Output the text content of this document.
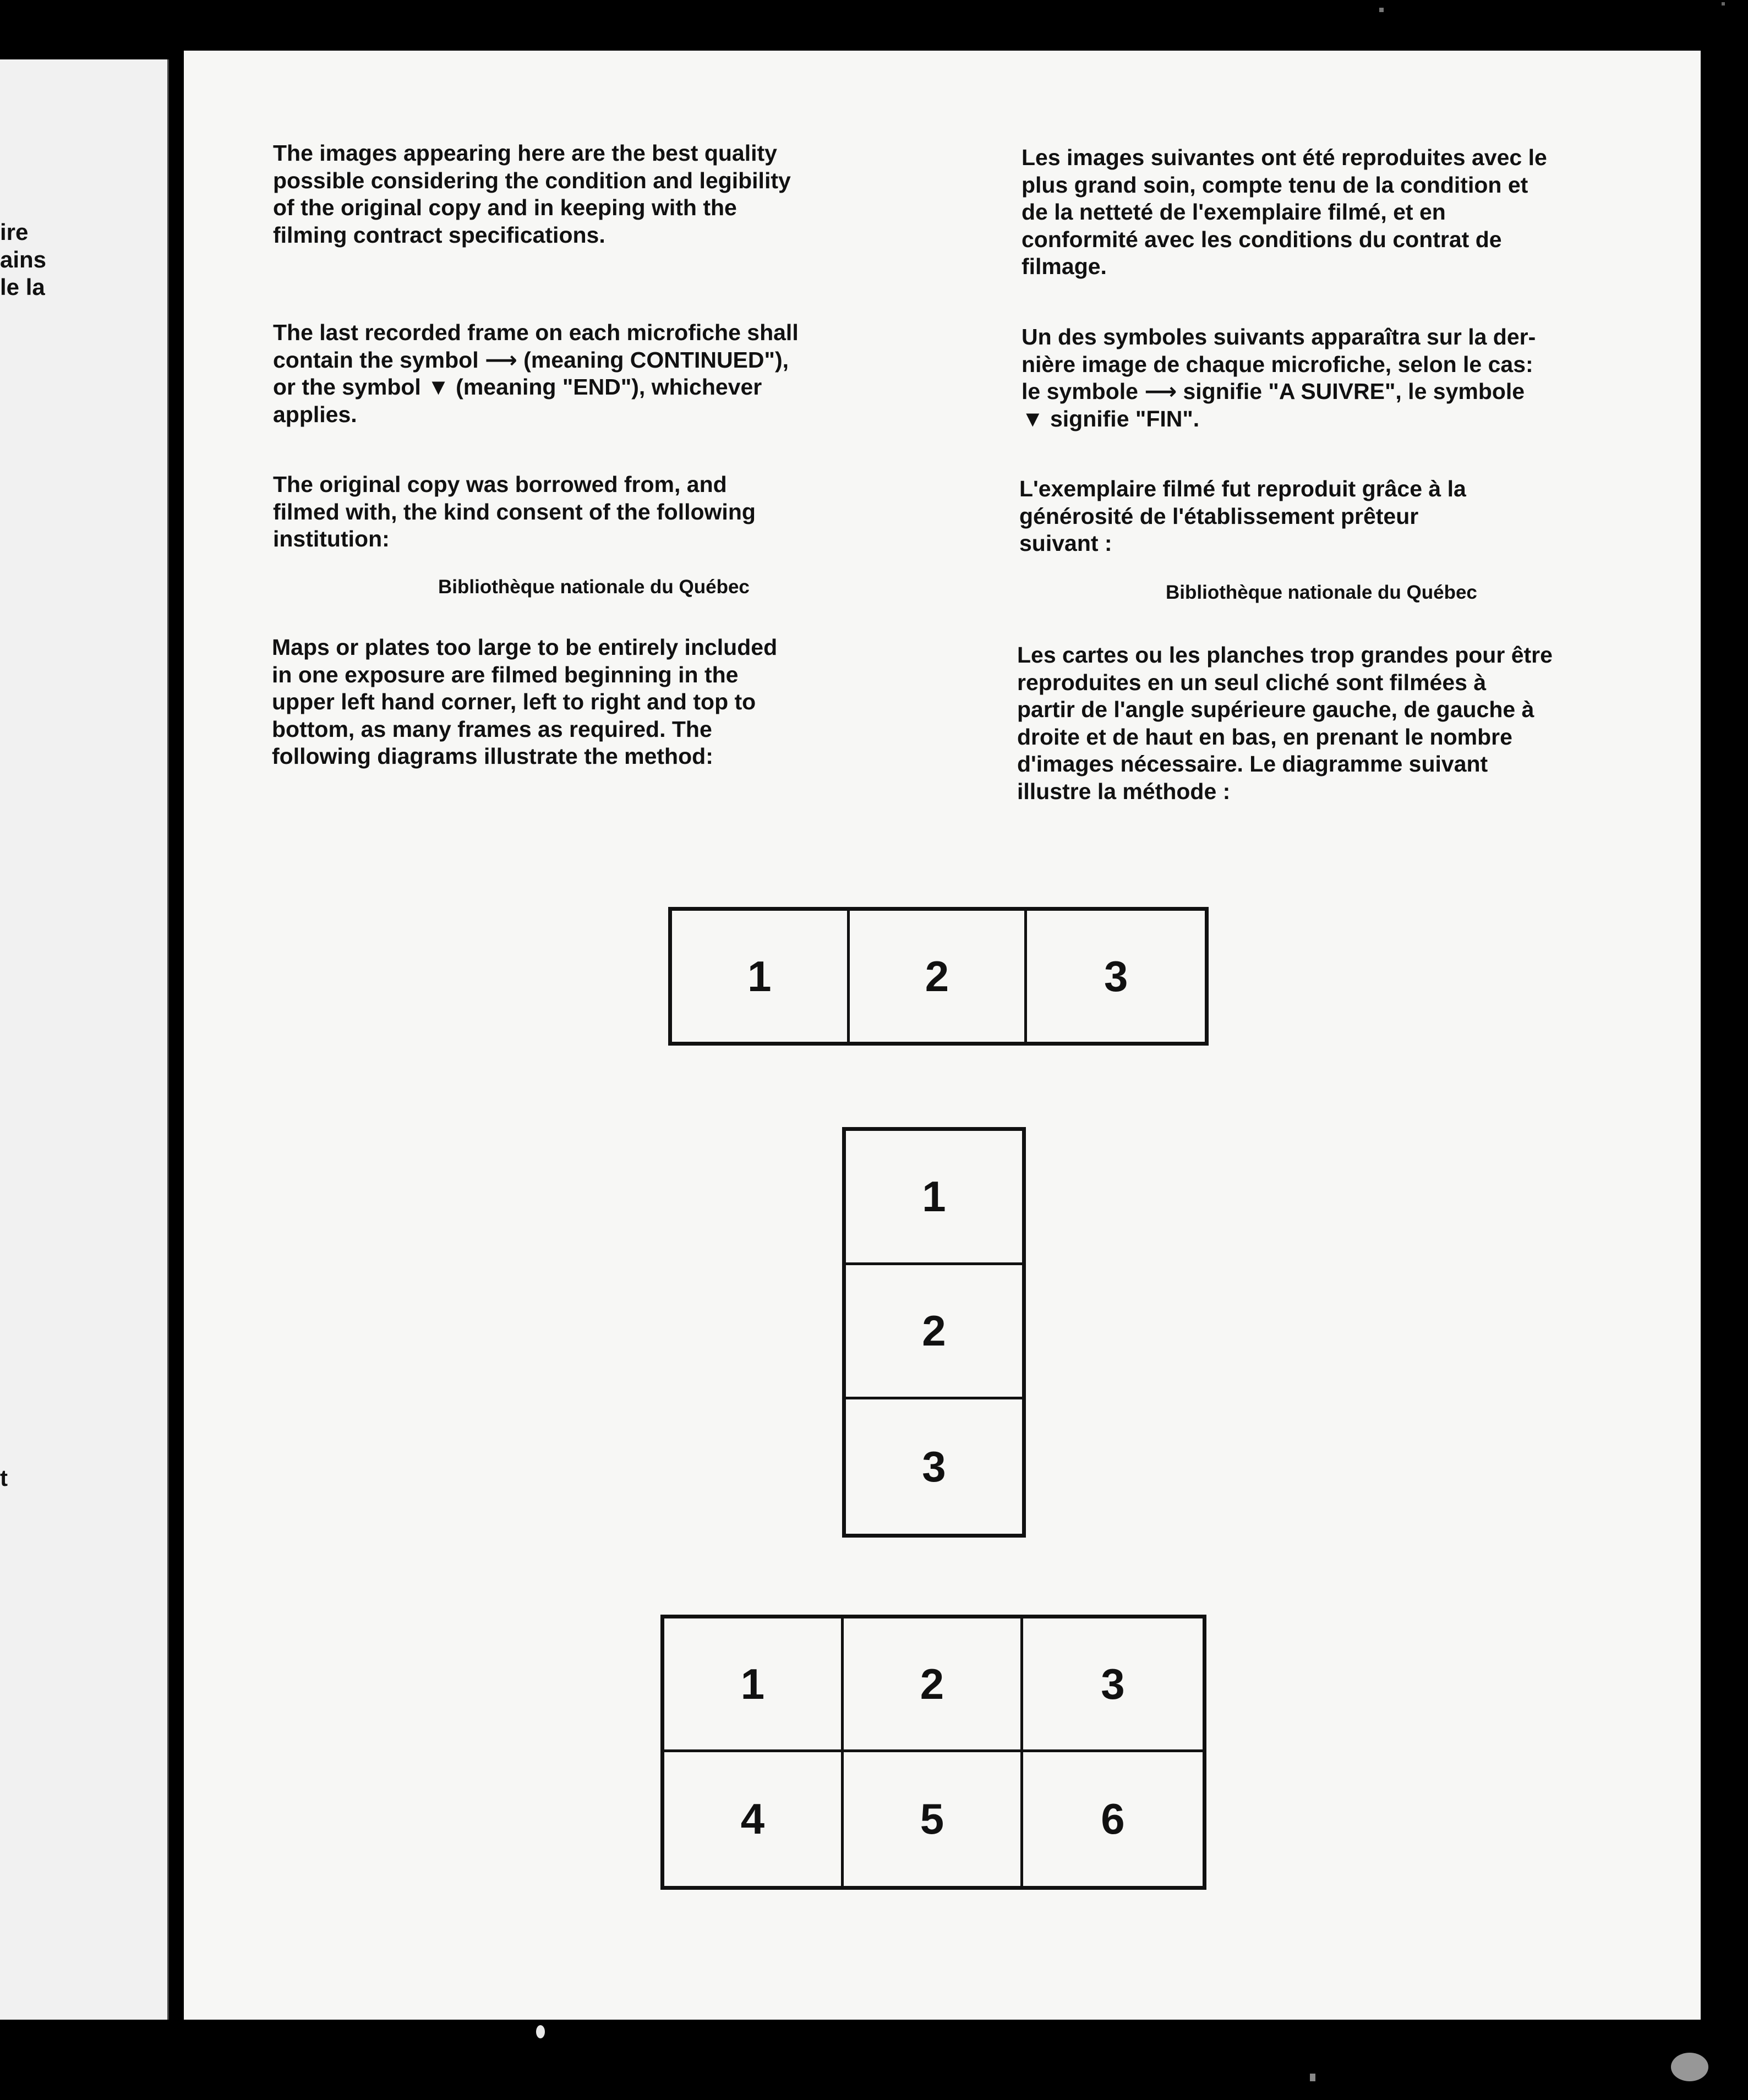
ire
ains
le la
t
The images appearing here are the best quality
possible considering the condition and legibility
of the original copy and in keeping with the
filming contract specifications.
The last recorded frame on each microfiche shall
contain the symbol ⟶ (meaning CONTINUED"),
or the symbol ▼ (meaning "END"), whichever
applies.
The original copy was borrowed from, and
filmed with, the kind consent of the following
institution:
Bibliothèque nationale du Québec
Maps or plates too large to be entirely included
in one exposure are filmed beginning in the
upper left hand corner, left to right and top to
bottom, as many frames as required. The
following diagrams illustrate the method:
Les images suivantes ont été reproduites avec le
plus grand soin, compte tenu de la condition et
de la netteté de l'exemplaire filmé, et en
conformité avec les conditions du contrat de
filmage.
Un des symboles suivants apparaîtra sur la der-
nière image de chaque microfiche, selon le cas:
le symbole ⟶ signifie "A SUIVRE", le symbole
▼ signifie "FIN".
L'exemplaire filmé fut reproduit grâce à la
générosité de l'établissement prêteur
suivant :
Bibliothèque nationale du Québec
Les cartes ou les planches trop grandes pour être
reproduites en un seul cliché sont filmées à
partir de l'angle supérieure gauche, de gauche à
droite et de haut en bas, en prenant le nombre
d'images nécessaire. Le diagramme suivant
illustre la méthode :
1	2	3
1
2
3
1	2	3
4	5	6
